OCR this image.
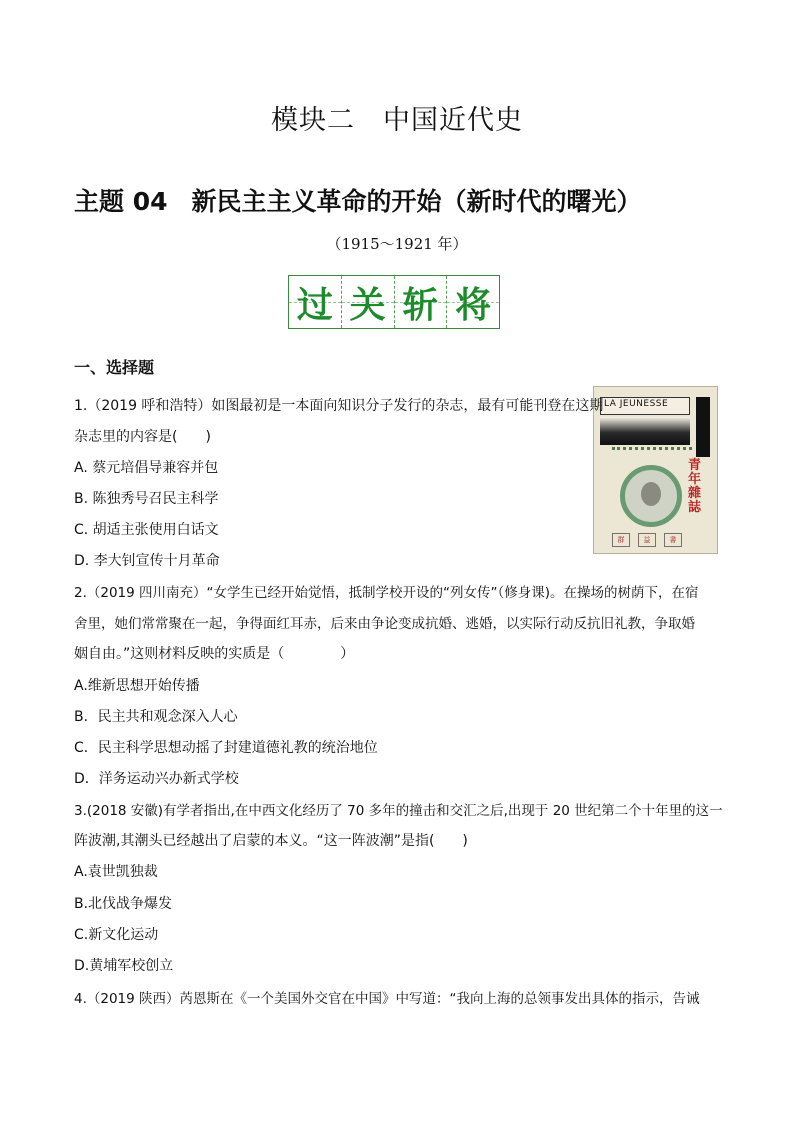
模块二　中国近代史
主题 04 新民主主义革命的开始（新时代的曙光）
（1915～1921 年）
过 关 斩 将
一、选择题
LA JEUNESSE
青年雜誌
群	益	書
1.（2019 呼和浩特）如图最初是一本面向知识分子发行的杂志，最有可能刊登在这期
杂志里的内容是(　　)
A. 蔡元培倡导兼容并包
B. 陈独秀号召民主科学
C. 胡适主张使用白话文
D. 李大钊宣传十月革命
2.（2019 四川南充）“女学生已经开始觉悟，抵制学校开设的“列女传”（修身课)。在操场的树荫下，在宿
舍里，她们常常聚在一起，争得面红耳赤，后来由争论变成抗婚、逃婚，以实际行动反抗旧礼教，争取婚
姻自由。”这则材料反映的实质是（　　　　）
A.维新思想开始传播
B．民主共和观念深入人心
C．民主科学思想动摇了封建道德礼教的统治地位
D．洋务运动兴办新式学校
3.(2018 安徽)有学者指出,在中西文化经历了 70 多年的撞击和交汇之后,出现于 20 世纪第二个十年里的这一
阵波潮,其潮头已经越出了启蒙的本义。“这一阵波潮”是指(　　)
A.袁世凯独裁
B.北伐战争爆发
C.新文化运动
D.黄埔军校创立
4.（2019 陕西）芮恩斯在《一个美国外交官在中国》中写道：“我向上海的总领事发出具体的指示，告诫
